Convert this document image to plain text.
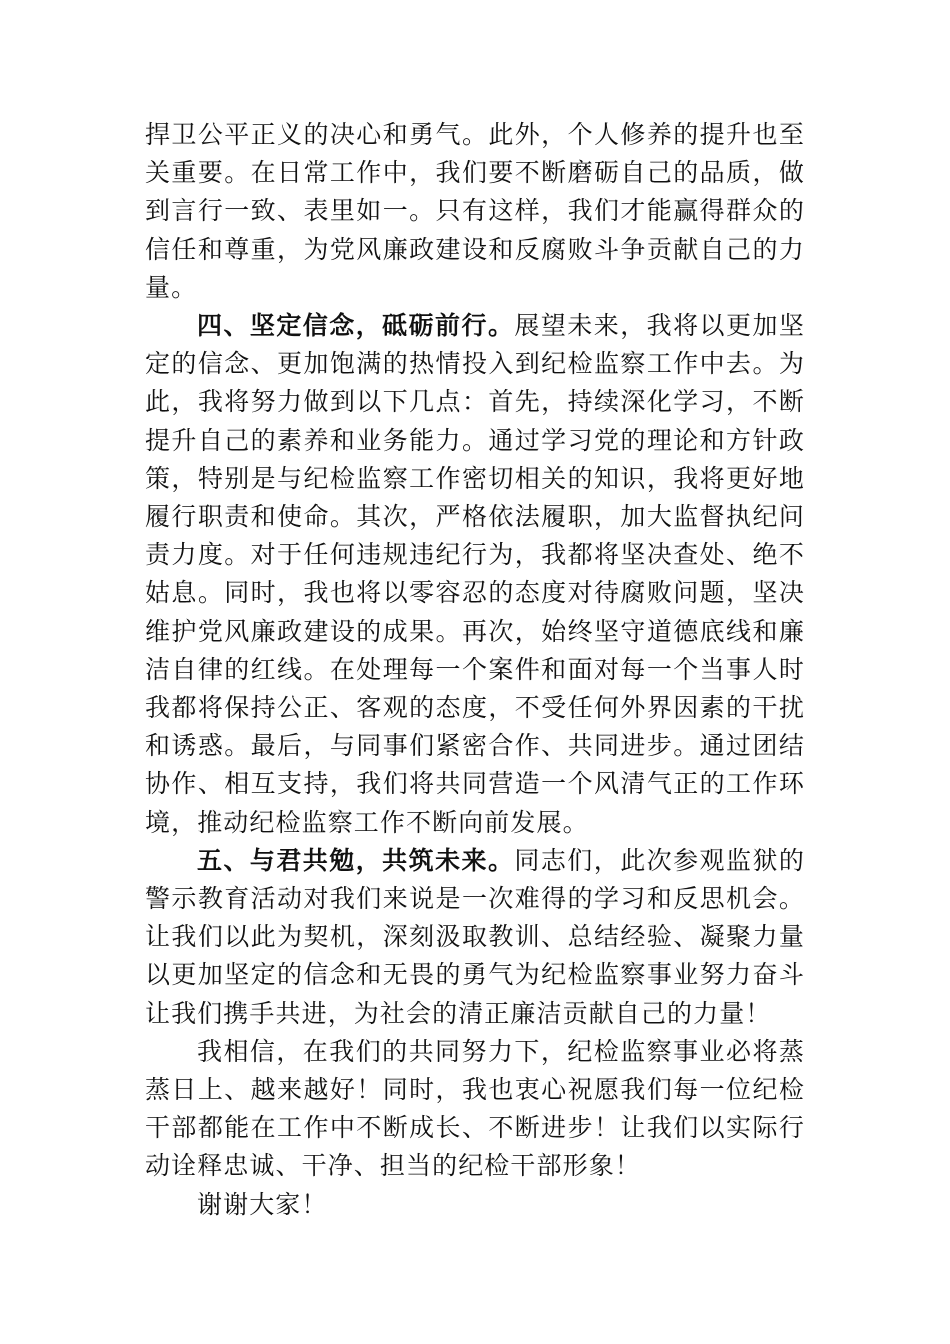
捍卫公平正义的决心和勇气。此外，个人修养的提升也至关重要。在日常工作中，我们要不断磨砺自己的品质，做到言行一致、表里如一。只有这样，我们才能赢得群众的信任和尊重，为党风廉政建设和反腐败斗争贡献自己的力量。

四、坚定信念，砥砺前行。展望未来，我将以更加坚定的信念、更加饱满的热情投入到纪检监察工作中去。为此，我将努力做到以下几点：首先，持续深化学习，不断提升自己的素养和业务能力。通过学习党的理论和方针政策，特别是与纪检监察工作密切相关的知识，我将更好地履行职责和使命。其次，严格依法履职，加大监督执纪问责力度。对于任何违规违纪行为，我都将坚决查处、绝不姑息。同时，我也将以零容忍的态度对待腐败问题，坚决维护党风廉政建设的成果。再次，始终坚守道德底线和廉洁自律的红线。在处理每一个案件和面对每一个当事人时我都将保持公正、客观的态度，不受任何外界因素的干扰和诱惑。最后，与同事们紧密合作、共同进步。通过团结协作、相互支持，我们将共同营造一个风清气正的工作环境，推动纪检监察工作不断向前发展。

五、与君共勉，共筑未来。同志们，此次参观监狱的警示教育活动对我们来说是一次难得的学习和反思机会。让我们以此为契机，深刻汲取教训、总结经验、凝聚力量以更加坚定的信念和无畏的勇气为纪检监察事业努力奋斗让我们携手共进，为社会的清正廉洁贡献自己的力量！

我相信，在我们的共同努力下，纪检监察事业必将蒸蒸日上、越来越好！同时，我也衷心祝愿我们每一位纪检干部都能在工作中不断成长、不断进步！让我们以实际行动诠释忠诚、干净、担当的纪检干部形象！

谢谢大家！
